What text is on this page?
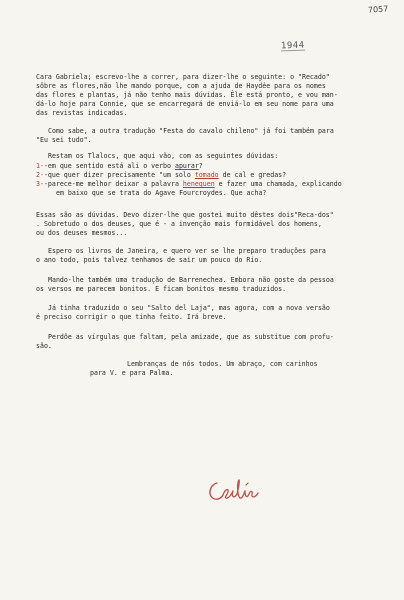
7057
1944
Cara Gabriela; escrevo-lhe a correr, para dizer-lhe o seguinte: o "Recado"
sôbre as flores,não lhe mando porque, com a ajuda de Haydée para os nomes
das flores e plantas, já não tenho mais dúvidas. Êle está pronto, e vou man-
dá-lo hoje para Connie, que se encarregará de enviá-lo em seu nome para uma
das revistas indicadas.
Como sabe, a outra tradução "Festa do cavalo chileno" já foi também para
"Eu sei tudo".
Restam os Tlalocs, que aqui vão, com as seguintes dúvidas:
1--em que sentido está ali o verbo apurar?
2--que quer dizer precisamente "um solo tomado de cal e gredas?
3--parece-me melhor deixar a palavra henequen e fazer uma chamada, explicando
em baixo que se trata do Agave Fourcroydes. Que acha?
Essas são as dúvidas. Devo dizer-lhe que gostei muito dêstes dois"Reca-dos"
. Sobretudo o dos deuses, que é - a invenção mais formidável dos homens,
ou dos deuses mesmos...
Espero os livros de Janeira, e quero ver se lhe preparo traduções para
o ano todo, pois talvez tenhamos de sair um pouco do Rio.
Mando-lhe também uma tradução de Barrenechea. Embora não goste da pessoa
os versos me parecem bonitos. E ficam bonitos mesmo traduzidos.
Já tinha traduzido o seu "Salto del Laja", mas agora, com a nova versão
é preciso corrigir o que tinha feito. Irá breve.
Perdõe as vírgulas que faltam, pela amizade, que as substitue com profu-
são.
Lembranças de nós todos. Um abraço, com carinhos
para V. e para Palma.
